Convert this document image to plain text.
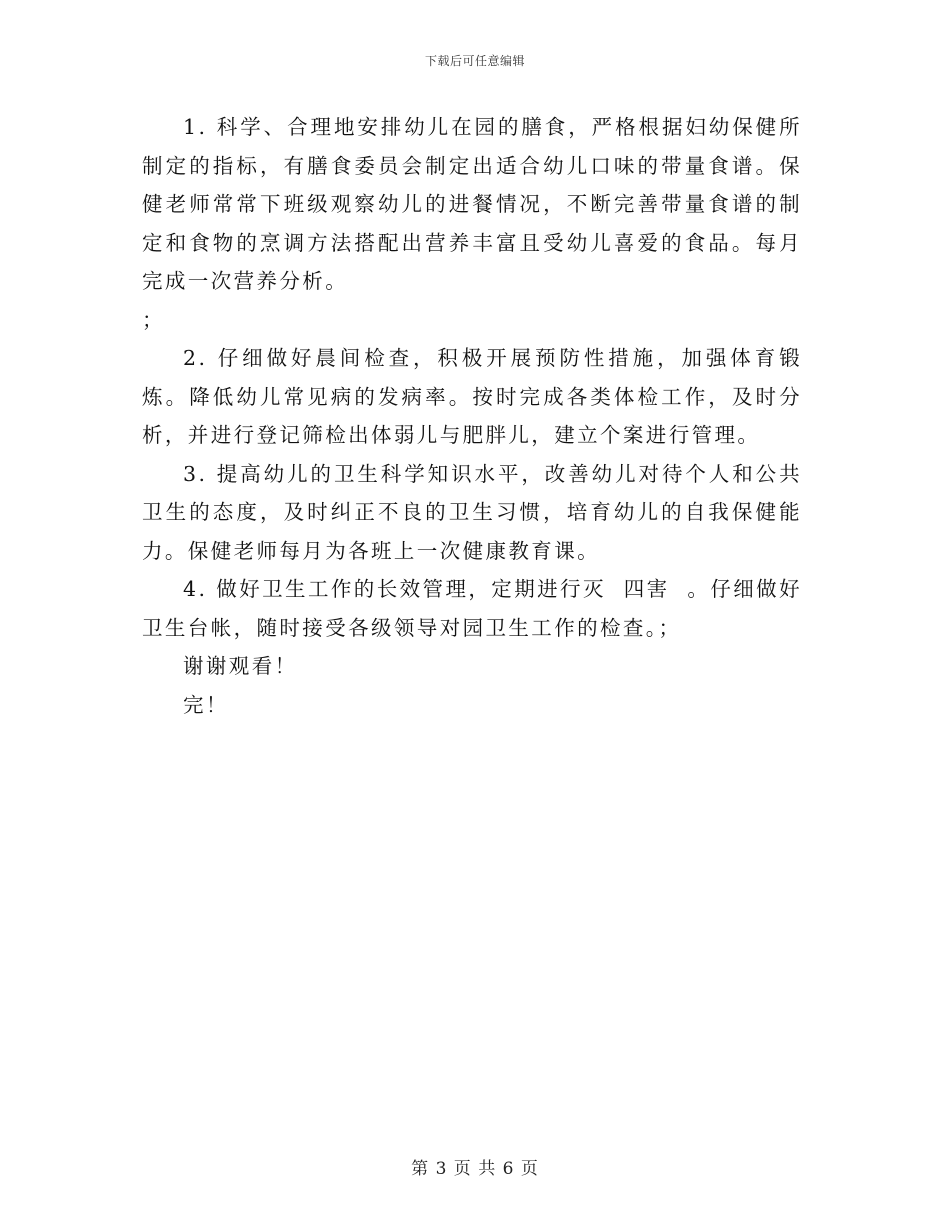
下载后可任意编辑

1. 科学、合理地安排幼儿在园的膳食，严格根据妇幼保健所制定的指标，有膳食委员会制定出适合幼儿口味的带量食谱。保健老师常常下班级观察幼儿的进餐情况，不断完善带量食谱的制定和食物的烹调方法搭配出营养丰富且受幼儿喜爱的食品。每月完成一次营养分析。

；

2. 仔细做好晨间检查，积极开展预防性措施，加强体育锻炼。降低幼儿常见病的发病率。按时完成各类体检工作，及时分析，并进行登记筛检出体弱儿与肥胖儿，建立个案进行管理。

3. 提高幼儿的卫生科学知识水平，改善幼儿对待个人和公共卫生的态度，及时纠正不良的卫生习惯，培育幼儿的自我保健能力。保健老师每月为各班上一次健康教育课。

4. 做好卫生工作的长效管理，定期进行灭  四害  。仔细做好卫生台帐，随时接受各级领导对园卫生工作的检查。；

谢谢观看！

完！

第 3 页 共 6 页
